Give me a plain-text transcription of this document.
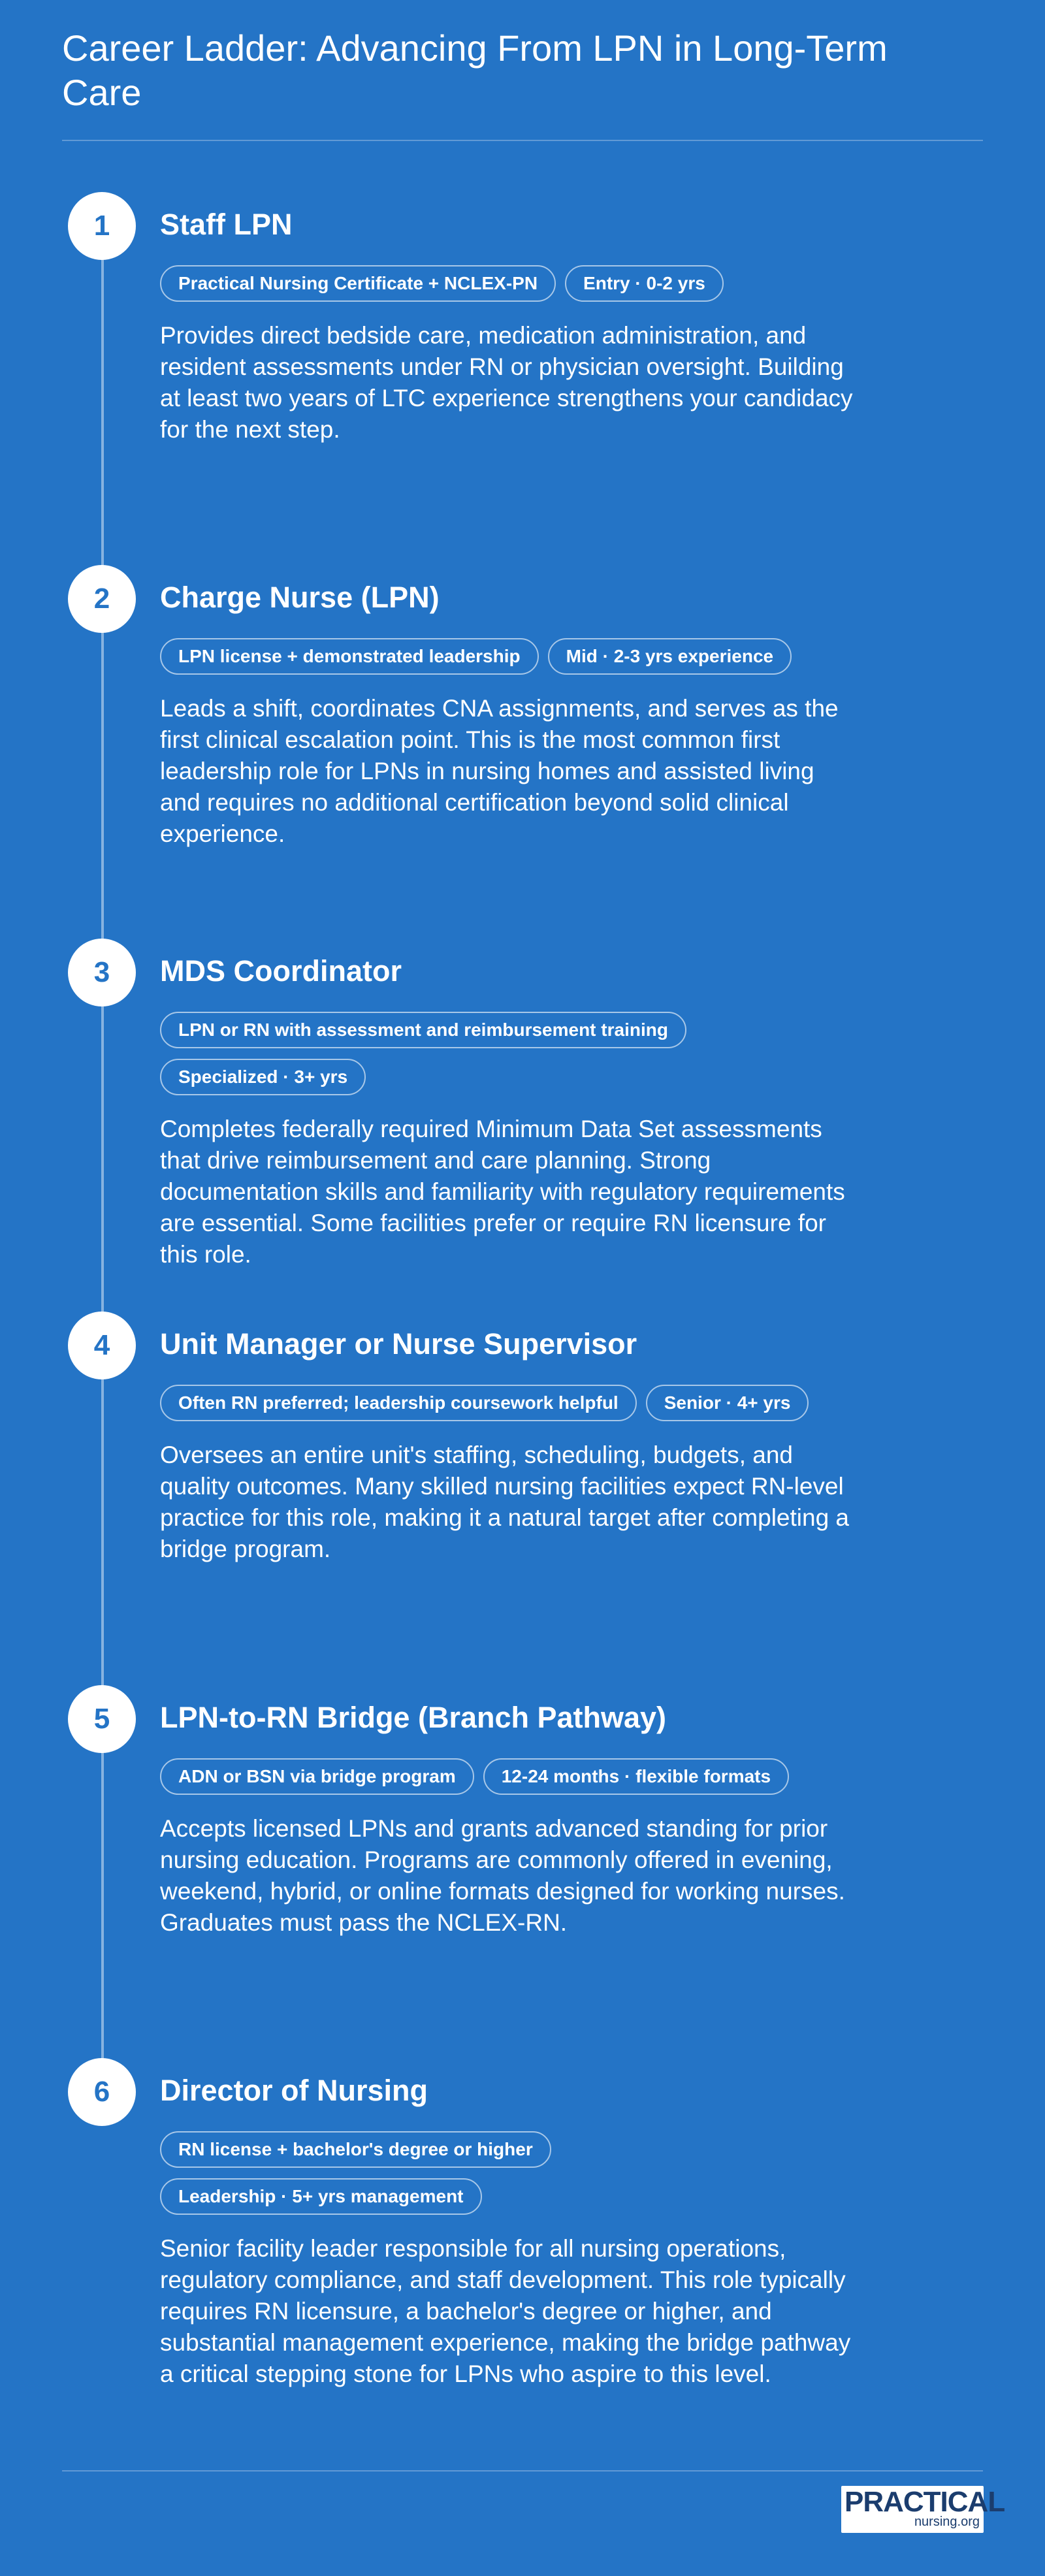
Career Ladder: Advancing From LPN in Long-Term Care
1	Staff LPN
Practical Nursing Certificate + NCLEX-PN	Entry · 0-2 yrs

Provides direct bedside care, medication administration, and resident assessments under RN or physician oversight. Building at least two years of LTC experience strengthens your candidacy for the next step.

2	Charge Nurse (LPN)
LPN license + demonstrated leadership	Mid · 2-3 yrs experience

Leads a shift, coordinates CNA assignments, and serves as the first clinical escalation point. This is the most common first leadership role for LPNs in nursing homes and assisted living and requires no additional certification beyond solid clinical experience.

3	MDS Coordinator
LPN or RN with assessment and reimbursement training
Specialized · 3+ yrs

Completes federally required Minimum Data Set assessments that drive reimbursement and care planning. Strong documentation skills and familiarity with regulatory requirements are essential. Some facilities prefer or require RN licensure for this role.

4	Unit Manager or Nurse Supervisor
Often RN preferred; leadership coursework helpful	Senior · 4+ yrs

Oversees an entire unit's staffing, scheduling, budgets, and quality outcomes. Many skilled nursing facilities expect RN-level practice for this role, making it a natural target after completing a bridge program.

5	LPN-to-RN Bridge (Branch Pathway)
ADN or BSN via bridge program	12-24 months · flexible formats

Accepts licensed LPNs and grants advanced standing for prior nursing education. Programs are commonly offered in evening, weekend, hybrid, or online formats designed for working nurses. Graduates must pass the NCLEX-RN.

6	Director of Nursing
RN license + bachelor's degree or higher
Leadership · 5+ yrs management

Senior facility leader responsible for all nursing operations, regulatory compliance, and staff development. This role typically requires RN licensure, a bachelor's degree or higher, and substantial management experience, making the bridge pathway a critical stepping stone for LPNs who aspire to this level.

PRACTICAL
nursing.org
